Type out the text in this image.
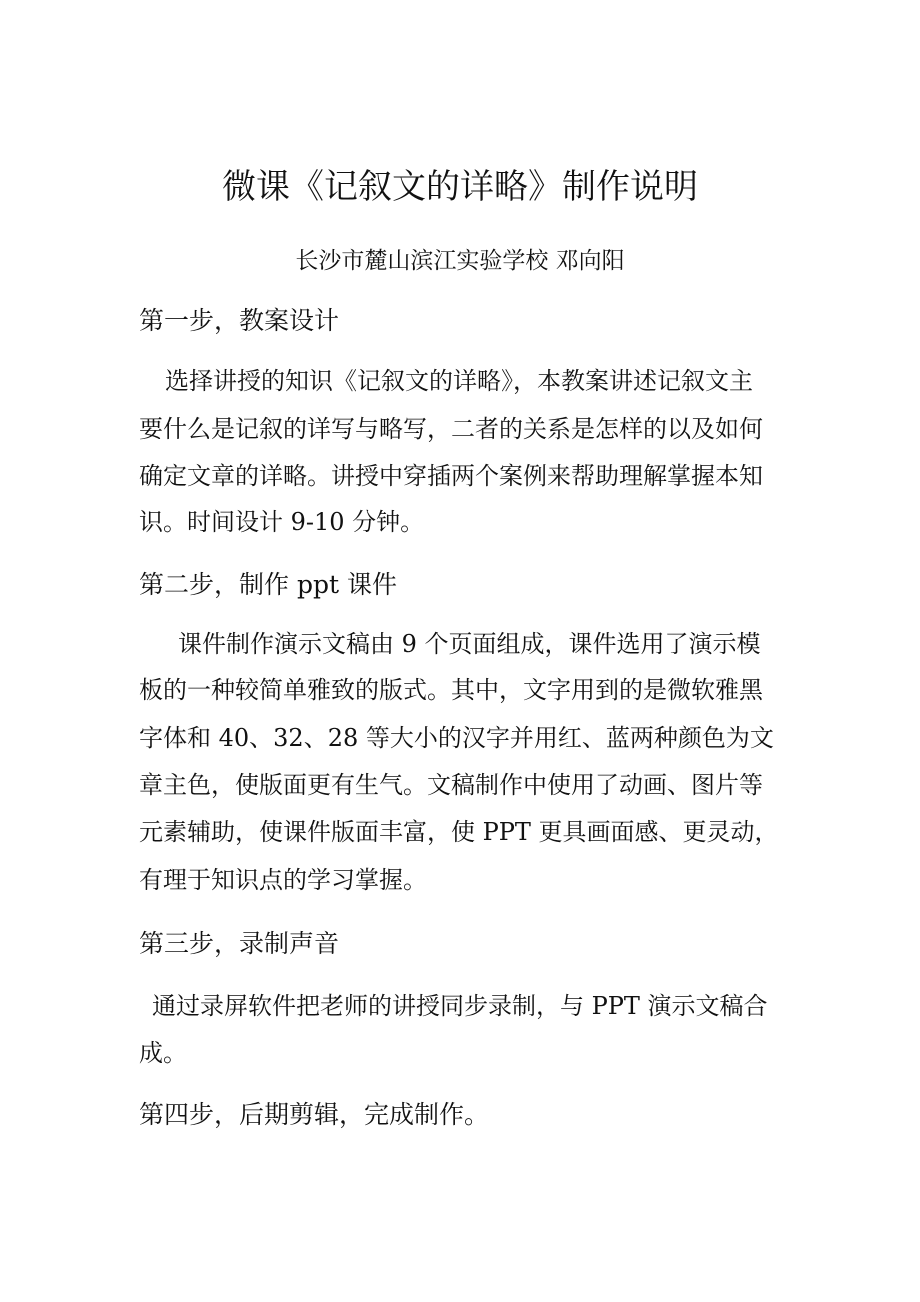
微课《记叙文的详略》制作说明
长沙市麓山滨江实验学校 邓向阳
第一步，教案设计
选择讲授的知识《记叙文的详略》，本教案讲述记叙文主
要什么是记叙的详写与略写，二者的关系是怎样的以及如何
确定文章的详略。讲授中穿插两个案例来帮助理解掌握本知
识。时间设计 9-10 分钟。
第二步，制作 ppt 课件
课件制作演示文稿由 9 个页面组成，课件选用了演示模
板的一种较简单雅致的版式。其中，文字用到的是微软雅黑
字体和 40、32、28 等大小的汉字并用红、蓝两种颜色为文
章主色，使版面更有生气。文稿制作中使用了动画、图片等
元素辅助，使课件版面丰富，使 PPT 更具画面感、更灵动，
有理于知识点的学习掌握。
第三步，录制声音
通过录屏软件把老师的讲授同步录制，与 PPT 演示文稿合
成。
第四步，后期剪辑，完成制作。
